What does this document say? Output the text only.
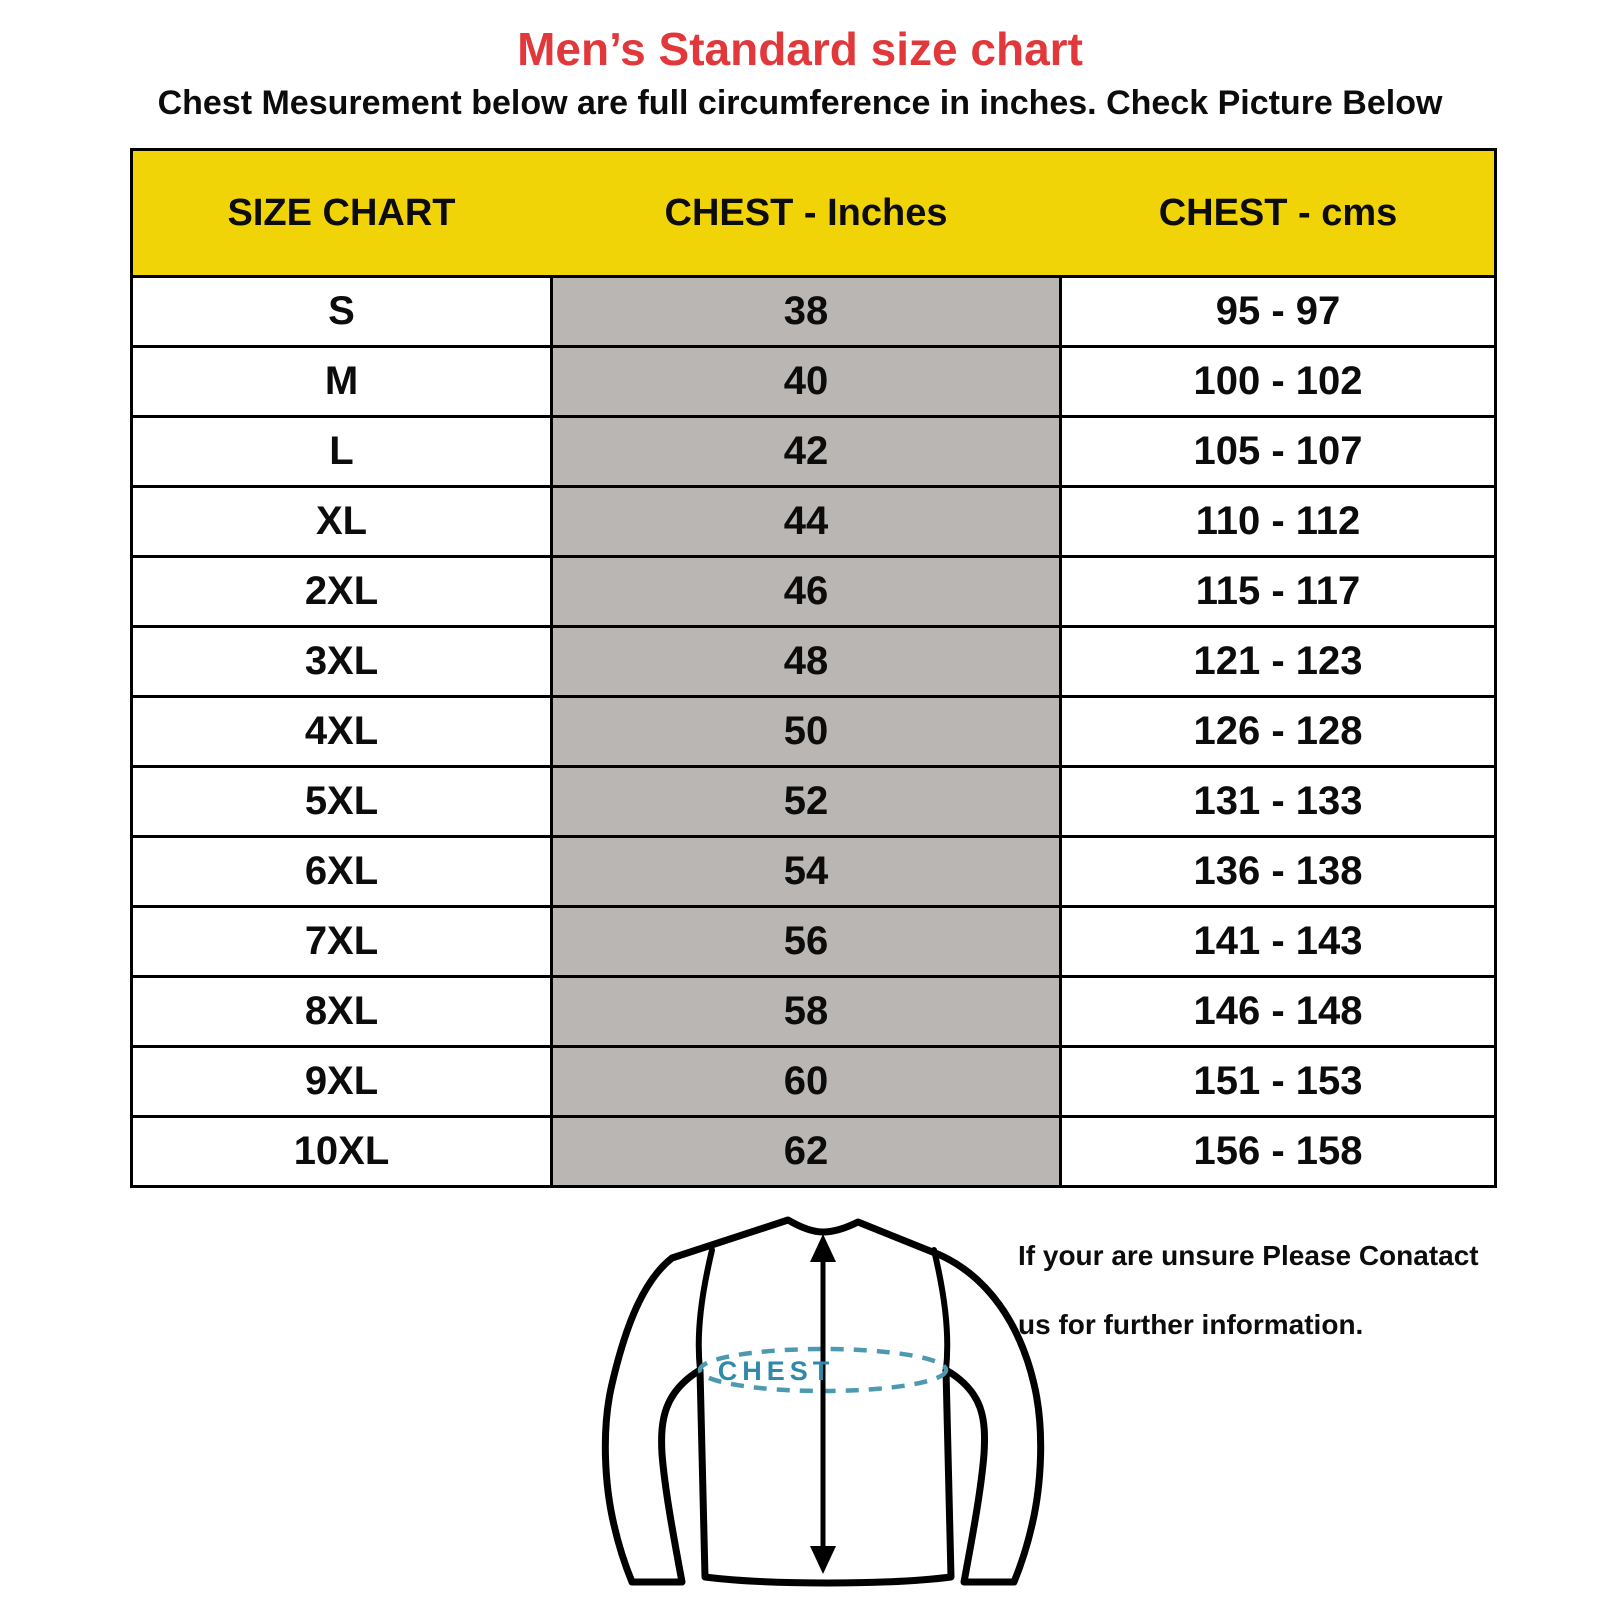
Men’s Standard size chart
Chest Mesurement below are full circumference in inches. Check Picture Below
SIZE CHART	CHEST - Inches	CHEST - cms
S	38	95 - 97
M	40	100 - 102
L	42	105 - 107
XL	44	110 - 112
2XL	46	115 - 117
3XL	48	121 - 123
4XL	50	126 - 128
5XL	52	131 - 133
6XL	54	136 - 138
7XL	56	141 - 143
8XL	58	146 - 148
9XL	60	151 - 153
10XL	62	156 - 158
CHEST
If your are unsure Please Conatact
us for further information.
